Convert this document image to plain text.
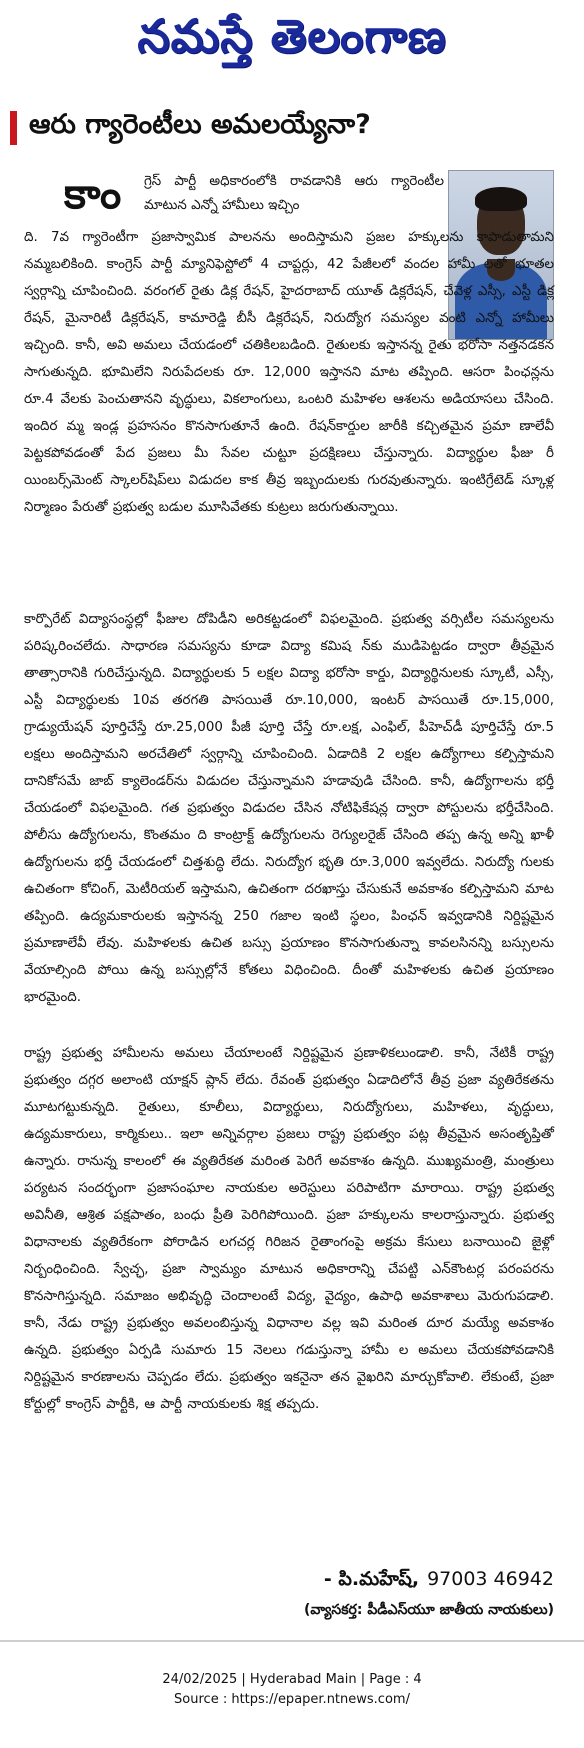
నమస్తే తెలంగాణ
ఆరు గ్యారెంటీలు అమలయ్యేనా?
కాం	గ్రెస్ పార్టీ అధికారంలోకి రావడానికి ఆరు గ్యారెంటీల మాటున ఎన్నో హామీలు ఇచ్చిం
ది. 7వ గ్యారెంటీగా ప్రజాస్వామిక పాలనను అందిస్తామని ప్రజల హక్కులను కాపాడుతామని నమ్మబలికింది. కాంగ్రెస్ పార్టీ మ్యానిఫెస్టోలో 4 చాప్టర్లు, 42 పేజీలలో వందల హామీ లతో భూతల స్వర్గాన్ని చూపించింది. వరంగల్ రైతు డిక్ల రేషన్, హైదరాబాద్ యూత్ డిక్లరేషన్, చేవెళ్ల ఎస్సీ, ఎస్టీ డిక్ల రేషన్, మైనారిటీ డిక్లరేషన్, కామారెడ్డి బీసీ డిక్లరేషన్, నిరుద్యోగ సమస్యల వంటి ఎన్నో హామీలు ఇచ్చింది. కానీ, అవి అమలు చేయడంలో చతికిలబడింది. రైతులకు ఇస్తానన్న రైతు భరోసా నత్తనడకన సాగుతున్నది. భూమిలేని నిరుపేదలకు రూ. 12,000 ఇస్తానని మాట తప్పింది. ఆసరా పింఛన్లను రూ.4 వేలకు పెంచుతానని వృద్ధులు, వికలాంగులు, ఒంటరి మహిళల ఆశలను అడియాసలు చేసింది. ఇందిర మ్మ ఇండ్ల ప్రహసనం కొనసాగుతూనే ఉంది. రేషన్‌కార్డుల జారీకి కచ్చితమైన ప్రమా ణాలేవీ పెట్టకపోవడంతో పేద ప్రజలు మీ సేవల చుట్టూ ప్రదక్షిణలు చేస్తున్నారు. విద్యార్థుల ఫీజు రీ యింబర్స్‌మెంట్ స్కాలర్‌షిప్‌లు విడుదల కాక తీవ్ర ఇబ్బందులకు గురవుతున్నారు. ఇంటిగ్రేటెడ్ స్కూళ్ల నిర్మాణం పేరుతో ప్రభుత్వ బడుల మూసివేతకు కుట్రలు జరుగుతున్నాయి.
కార్పొరేట్ విద్యాసంస్థల్లో ఫీజుల దోపిడీని అరికట్టడంలో విఫలమైంది. ప్రభుత్వ వర్సిటీల సమస్యలను పరిష్కరించలేదు. సాధారణ సమస్యను కూడా విద్యా కమిష న్‌కు ముడిపెట్టడం ద్వారా తీవ్రమైన తాత్సారానికి గురిచేస్తున్నది. విద్యార్థులకు 5 లక్షల విద్యా భరోసా కార్డు, విద్యార్థినులకు స్కూటీ, ఎస్సీ, ఎస్టీ విద్యార్థులకు 10వ తరగతి పాసయితే రూ.10,000, ఇంటర్ పాసయితే రూ.15,000, గ్రాడ్యుయేషన్ పూర్తిచేస్తే రూ.25,000 పీజీ పూర్తి చేస్తే రూ.లక్ష, ఎంఫిల్, పీహెచ్‌డీ పూర్తిచేస్తే రూ.5 లక్షలు అందిస్తామని అరచేతిలో స్వర్గాన్ని చూపించింది. ఏడాదికి 2 లక్షల ఉద్యోగాలు కల్పిస్తామని దానికోసమే జాబ్ క్యాలెండర్‌ను విడుదల చేస్తున్నామని హడావుడి చేసింది. కానీ, ఉద్యోగాలను భర్తీ చేయడంలో విఫలమైంది. గత ప్రభుత్వం విడుదల చేసిన నోటిఫికేషన్ల ద్వారా పోస్టులను భర్తీచేసింది. పోలీసు ఉద్యోగులను, కొంతమం ది కాంట్రాక్ట్ ఉద్యోగులను రెగ్యులరైజ్ చేసింది తప్ప ఉన్న అన్ని ఖాళీ ఉద్యోగులను భర్తీ చేయడంలో చిత్తశుద్ధి లేదు. నిరుద్యోగ భృతి రూ.3,000 ఇవ్వలేదు. నిరుద్యో గులకు ఉచితంగా కోచింగ్, మెటీరియల్ ఇస్తామని, ఉచితంగా దరఖాస్తు చేసుకునే అవకాశం కల్పిస్తామని మాట తప్పింది. ఉద్యమకారులకు ఇస్తానన్న 250 గజాల ఇంటి స్థలం, పింఛన్ ఇవ్వడానికి నిర్దిష్టమైన ప్రమాణాలేవీ లేవు. మహిళలకు ఉచిత బస్సు ప్రయాణం కొనసాగుతున్నా కావలసినన్ని బస్సులను వేయాల్సింది పోయి ఉన్న బస్సుల్లోనే కోతలు విధించింది. దీంతో మహిళలకు ఉచిత ప్రయాణం భారమైంది.
రాష్ట్ర ప్రభుత్వ హామీలను అమలు చేయాలంటే నిర్దిష్టమైన ప్రణాళికలుండాలి. కానీ, నేటికీ రాష్ట్ర ప్రభుత్వం దగ్గర అలాంటి యాక్షన్ ప్లాన్ లేదు. రేవంత్ ప్రభుత్వం ఏడాదిలోనే తీవ్ర ప్రజా వ్యతిరేకతను మూటగట్టుకున్నది. రైతులు, కూలీలు, విద్యార్థులు, నిరుద్యోగులు, మహిళలు, వృద్ధులు, ఉద్యమకారులు, కార్మికులు.. ఇలా అన్నివర్గాల ప్రజలు రాష్ట్ర ప్రభుత్వం పట్ల తీవ్రమైన అసంతృప్తితో ఉన్నారు. రానున్న కాలంలో ఈ వ్యతిరేకత మరింత పెరిగే అవకాశం ఉన్నది. ముఖ్యమంత్రి, మంత్రులు పర్యటన సందర్భంగా ప్రజాసంఘాల నాయకుల అరెస్టులు పరిపాటిగా మారాయి. రాష్ట్ర ప్రభుత్వ అవినీతి, ఆశ్రిత పక్షపాతం, బంధు ప్రీతి పెరిగిపోయింది. ప్రజా హక్కులను కాలరాస్తున్నారు. ప్రభుత్వ విధానాలకు వ్యతిరేకంగా పోరాడిన లగచర్ల గిరిజన రైతాంగంపై అక్రమ కేసులు బనాయించి జైళ్లో నిర్బంధించింది. స్వేచ్ఛ, ప్రజా స్వామ్యం మాటున అధికారాన్ని చేపట్టి ఎన్‌కౌంటర్ల పరంపరను కొనసాగిస్తున్నది. సమాజం అభివృద్ధి చెందాలంటే విద్య, వైద్యం, ఉపాధి అవకాశాలు మెరుగుపడాలి. కానీ, నేడు రాష్ట్ర ప్రభుత్వం అవలంబిస్తున్న విధానాల వల్ల ఇవి మరింత దూర మయ్యే అవకాశం ఉన్నది. ప్రభుత్వం ఏర్పడి సుమారు 15 నెలలు గడుస్తున్నా హామీ ల అమలు చేయకపోవడానికి నిర్దిష్టమైన కారణాలను చెప్పడం లేదు. ప్రభుత్వం ఇకనైనా తన వైఖరిని మార్చుకోవాలి. లేకుంటే, ప్రజా కోర్టుల్లో కాంగ్రెస్ పార్టీకి, ఆ పార్టీ నాయకులకు శిక్ష తప్పదు.
- పి.మహేష్, 97003 46942
(వ్యాసకర్త: పీడీఎస్‌యూ జాతీయ నాయకులు)
24/02/2025 | Hyderabad Main | Page : 4
Source : https://epaper.ntnews.com/
